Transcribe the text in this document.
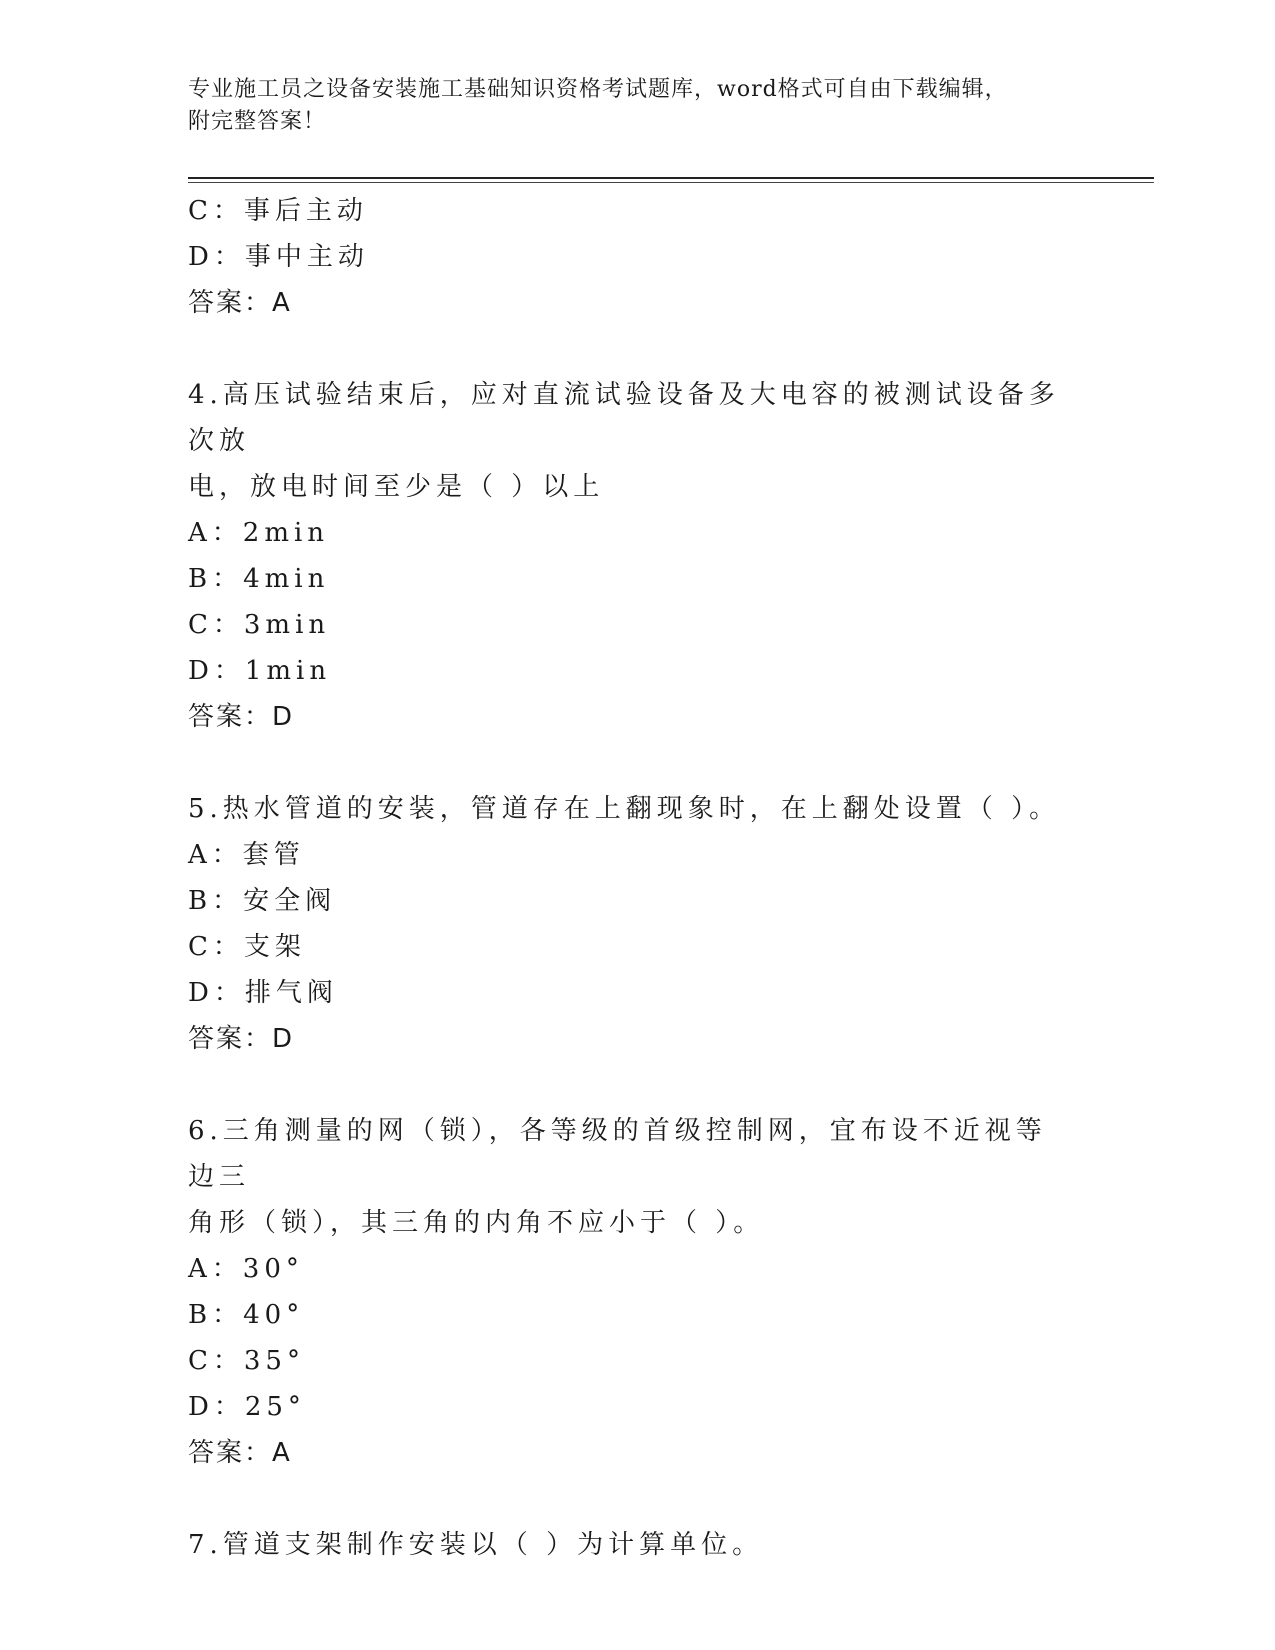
专业施工员之设备安装施工基础知识资格考试题库，word格式可自由下载编辑，
附完整答案！
C：事后主动
D：事中主动
答案：A
4.高压试验结束后，应对直流试验设备及大电容的被测试设备多次放
电，放电时间至少是（ ）以上
A：2min
B：4min
C：3min
D：1min
答案：D
5.热水管道的安装，管道存在上翻现象时，在上翻处设置（ ）。
A：套管
B：安全阀
C：支架
D：排气阀
答案：D
6.三角测量的网（锁），各等级的首级控制网，宜布设不近视等边三
角形（锁），其三角的内角不应小于（ ）。
A：30°
B：40°
C：35°
D：25°
答案：A
7.管道支架制作安装以（ ）为计算单位。
